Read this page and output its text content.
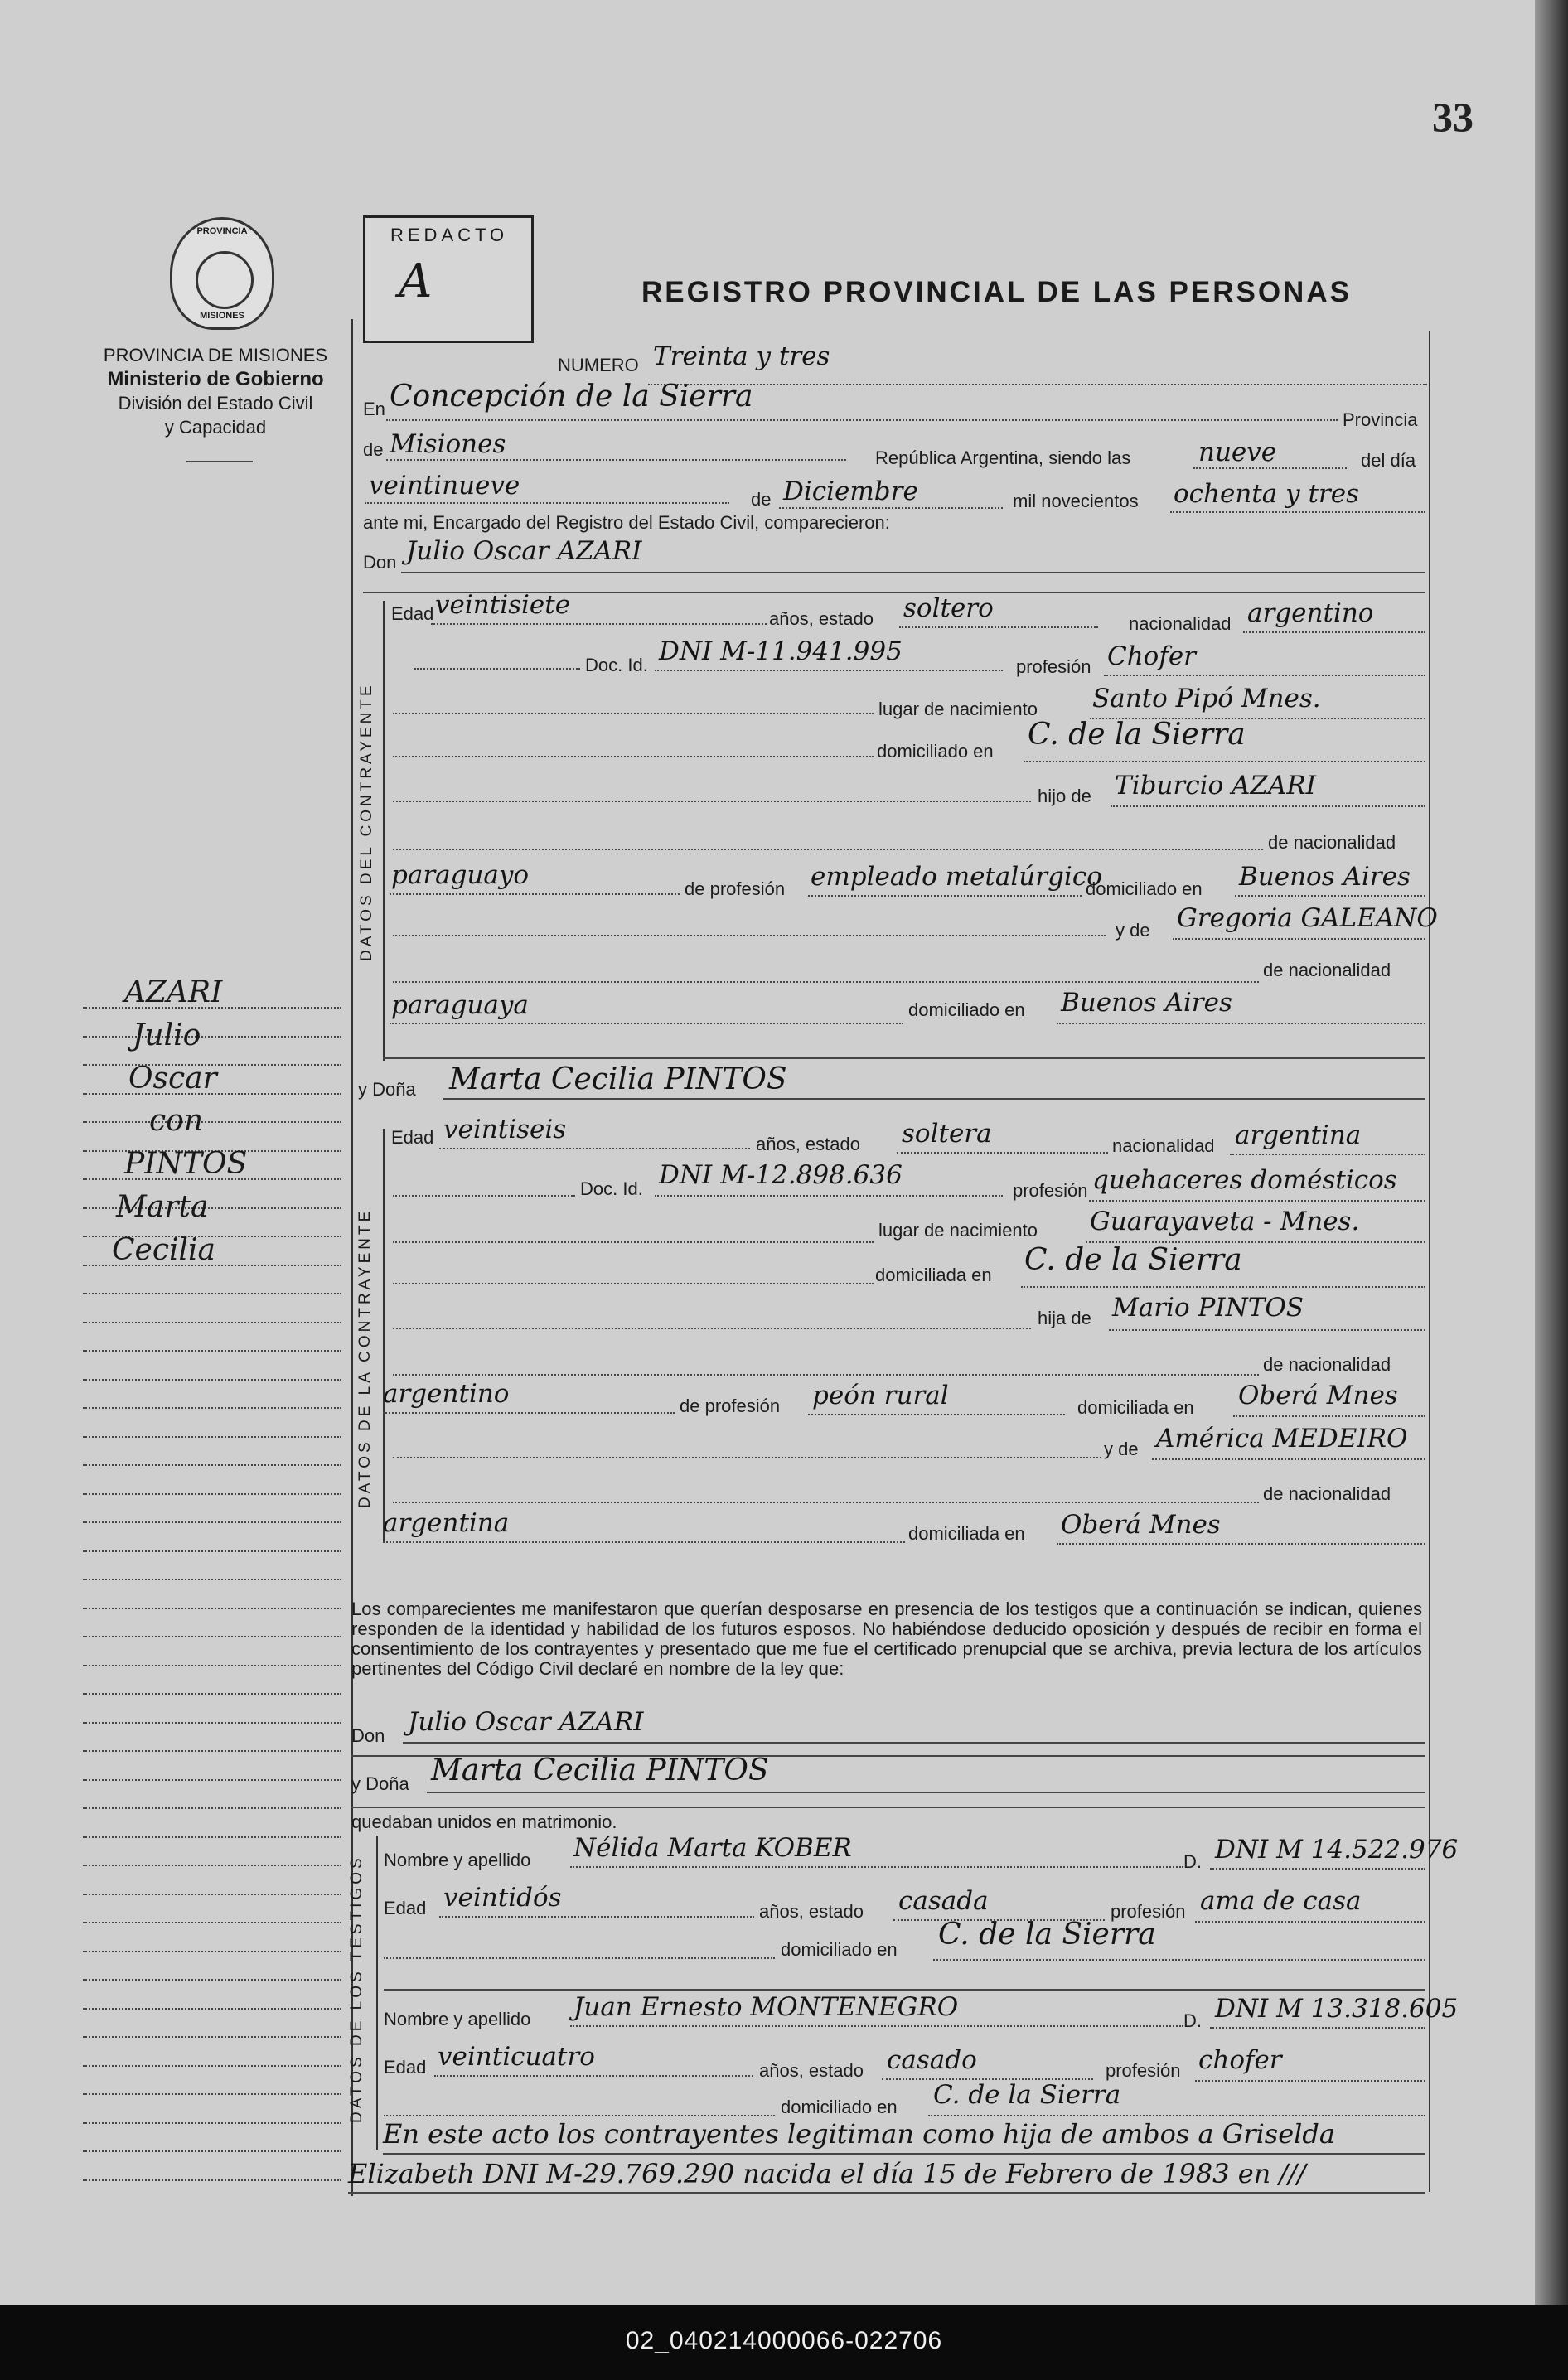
33
PROVINCIA
MISIONES
PROVINCIA DE MISIONES
Ministerio de Gobierno
División del Estado Civil
y Capacidad
REDACTO
A	REGISTRO PROVINCIAL DE LAS PERSONAS
NUMERO Treinta y tres
En Concepción de la Sierra
Provincia
de Misiones	República Argentina, siendo las	nueve	del día
veintinueve	de Diciembre	mil novecientos ochenta y tres
ante mi, Encargado del Registro del Estado Civil, comparecieron:
Don Julio Oscar AZARI
DATOS DEL CONTRAYENTE
Edad veintisiete	años, estado soltero
nacionalidad argentino
Doc. Id. DNI M-11.941.995
profesión Chofer
lugar de nacimiento Santo Pipó Mnes.
domiciliado en C. de la Sierra
hijo de Tiburcio AZARI
de nacionalidad
paraguayo	de profesión empleado metalúrgico
domiciliado en Buenos Aires
y de Gregoria GALEANO
de nacionalidad
paraguaya	domiciliado en Buenos Aires
y Doña Marta Cecilia PINTOS
DATOS DE LA CONTRAYENTE
Edad veintiseis	años, estado soltera	nacionalidad argentina
Doc. Id. DNI M-12.898.636
profesión quehaceres domésticos
lugar de nacimiento Guarayaveta - Mnes.
domiciliada en C. de la Sierra
hija de Mario PINTOS
de nacionalidad
argentino	de profesión peón rural	domiciliada en Oberá Mnes
y de América MEDEIRO
de nacionalidad
argentina	domiciliada en Oberá Mnes
Los comparecientes me manifestaron que querían desposarse en presencia de los testigos que a continuación se indican, quienes responden de la identidad y habilidad de los futuros esposos. No habiéndose deducido oposición y después de recibir en forma el consentimiento de los contrayentes y presentado que me fue el certificado prenupcial que se archiva, previa lectura de los artículos pertinentes del Código Civil declaré en nombre de la ley que:
Don Julio Oscar AZARI
y Doña Marta Cecilia PINTOS
quedaban unidos en matrimonio.
DATOS DE LOS TESTIGOS Nombre y apellido Nélida Marta KOBER	D. DNI M 14.522.976
Edad veintidós	años, estado casada	profesión ama de casa
domiciliado en C. de la Sierra
Nombre y apellido Juan Ernesto MONTENEGRO	D. DNI M 13.318.605
Edad veinticuatro	años, estado casado	profesión chofer
domiciliado en C. de la Sierra
En este acto los contrayentes legitiman como hija de ambos a Griselda
Elizabeth DNI M-29.769.290 nacida el día 15 de Febrero de 1983 en ///
AZARI
Julio
Oscar
con
PINTOS
Marta
Cecilia
02_040214000066-022706
